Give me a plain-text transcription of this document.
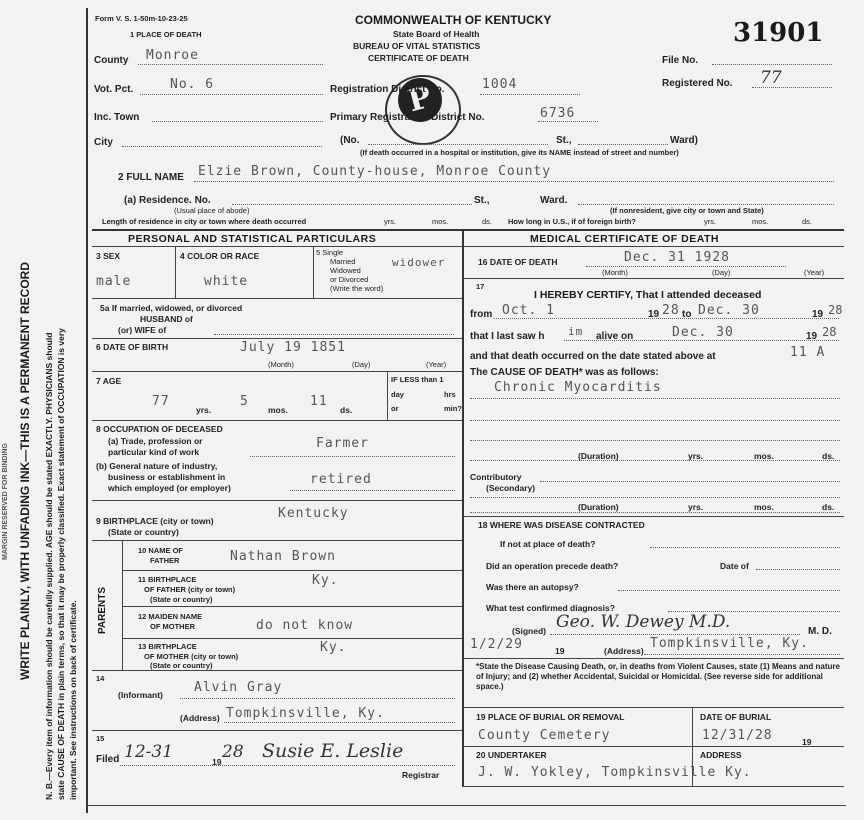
N. B.—Every item of information should be carefully supplied. AGE should be stated EXACTLY. PHYSICIANS should state CAUSE OF DEATH in plain terms, so that it may be properly classified. Exact statement of OCCUPATION is very important. See instructions on back of certificate.
WRITE PLAINLY, WITH UNFADING INK—THIS IS A PERMANENT RECORD
MARGIN RESERVED FOR BINDING
Form V. S. 1-50m-10-23-25
1 PLACE OF DEATH
COMMONWEALTH OF KENTUCKY
State Board of Health
BUREAU OF VITAL STATISTICS
CERTIFICATE OF DEATH
31901
P
County Monroe
Vot. Pct.	No. 6
Inc. Town
City
Registration District No.	1004
Primary Registration District No.	6736
File No.
Registered No. 77
(No.	St.,	Ward)
(If death occurred in a hospital or institution, give its NAME instead of street and number)
2 FULL NAME Elzie Brown, County-house, Monroe County
(a) Residence. No.	St.,	Ward.
(Usual place of abode)	(If nonresident, give city or town and State)
Length of residence in city or town where death occurred	yrs.	mos.	ds. How long in U.S., if of foreign birth?	yrs.	mos.	ds.
PERSONAL AND STATISTICAL PARTICULARS	MEDICAL CERTIFICATE OF DEATH
3 SEX
male
4 COLOR OR RACE
white
5 Single
Married
Widowed
or Divorced
(Write the word)
widower
5a If married, widowed, or divorced
HUSBAND of
(or) WIFE of
6 DATE OF BIRTH	July 19 1851
(Month)	(Day)	(Year)
7 AGE
77
yrs.
5
mos.
11
ds.
IF LESS than 1
day	hrs
or	min?
8 OCCUPATION OF DECEASED
(a) Trade, profession or
particular kind of work
Farmer
(b) General nature of industry,
business or establishment in
which employed (or employer)
retired
9 BIRTHPLACE (city or town)
(State or country)
Kentucky
PARENTS
10 NAME OF
FATHER	Nathan Brown
11 BIRTHPLACE
OF FATHER (city or town)
(State or country)
Ky.
12 MAIDEN NAME
OF MOTHER	do not know
13 BIRTHPLACE
OF MOTHER (city or town)
(State or country)
Ky.
14
Alvin Gray
(Informant)
(Address) Tompkinsville, Ky.
15
Filed 12-31	19 28 Susie E. Leslie
Registrar
16 DATE OF DEATH	Dec. 31 1928
(Month)	(Day)	(Year)
17
I HEREBY CERTIFY, That I attended deceased
from Oct. 1	19 28 to Dec. 30	19 28
that I last saw h im alive on	Dec. 30	19 28
and that death occurred on the date stated above at	11 A
The CAUSE OF DEATH* was as follows:
Chronic Myocarditis
(Duration)	yrs.	mos.	ds.
Contributory
(Secondary)
(Duration)	yrs.	mos.	ds.
18 WHERE WAS DISEASE CONTRACTED
If not at place of death?
Did an operation precede death?	Date of
Was there an autopsy?
What test confirmed diagnosis?
(Signed) Geo. W. Dewey M.D.	M. D.
1/2/29	19	(Address) Tompkinsville, Ky.
*State the Disease Causing Death, or, in deaths from Violent Causes, state (1) Means and nature of Injury; and (2) whether Accidental, Suicidal or Homicidal. (See reverse side for additional space.)
19 PLACE OF BURIAL OR REMOVAL
County Cemetery
DATE OF BURIAL
12/31/28	19
20 UNDERTAKER	ADDRESS
J. W. Yokley, Tompkinsville Ky.
